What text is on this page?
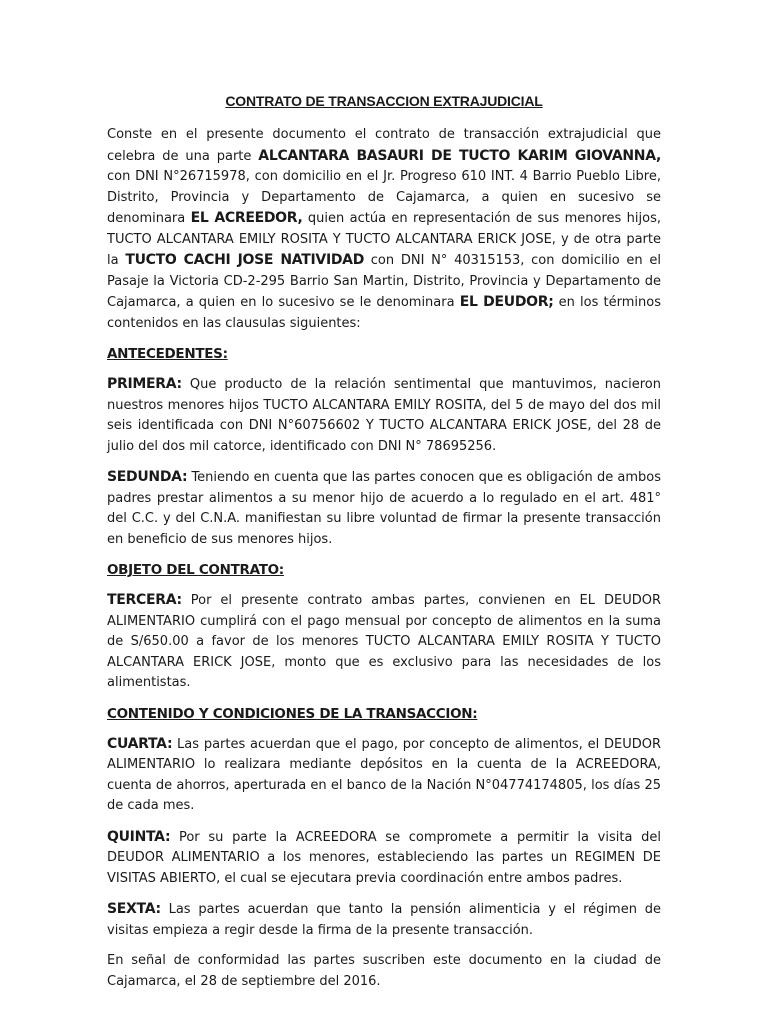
CONTRATO DE TRANSACCION EXTRAJUDICIAL

Conste en el presente documento el contrato de transacción extrajudicial que celebra de una parte ALCANTARA BASAURI DE TUCTO KARIM GIOVANNA, con DNI N°26715978, con domicilio en el Jr. Progreso 610 INT. 4 Barrio Pueblo Libre, Distrito, Provincia y Departamento de Cajamarca, a quien en sucesivo se denominara EL ACREEDOR, quien actúa en representación de sus menores hijos, TUCTO ALCANTARA EMILY ROSITA Y TUCTO ALCANTARA ERICK JOSE, y de otra parte la TUCTO CACHI JOSE NATIVIDAD con DNI N° 40315153, con domicilio en el Pasaje la Victoria CD-2-295 Barrio San Martin, Distrito, Provincia y Departamento de Cajamarca, a quien en lo sucesivo se le denominara EL DEUDOR; en los términos contenidos en las clausulas siguientes:

ANTECEDENTES:

PRIMERA: Que producto de la relación sentimental que mantuvimos, nacieron nuestros menores hijos TUCTO ALCANTARA EMILY ROSITA, del 5 de mayo del dos mil seis identificada con DNI N°60756602 Y TUCTO ALCANTARA ERICK JOSE, del 28 de julio del dos mil catorce, identificado con DNI N° 78695256.

SEDUNDA: Teniendo en cuenta que las partes conocen que es obligación de ambos padres prestar alimentos a su menor hijo de acuerdo a lo regulado en el art. 481° del C.C. y del C.N.A. manifiestan su libre voluntad de firmar la presente transacción en beneficio de sus menores hijos.

OBJETO DEL CONTRATO:

TERCERA: Por el presente contrato ambas partes, convienen en EL DEUDOR ALIMENTARIO cumplirá con el pago mensual por concepto de alimentos en la suma de S/650.00 a favor de los menores TUCTO ALCANTARA EMILY ROSITA Y TUCTO ALCANTARA ERICK JOSE, monto que es exclusivo para las necesidades de los alimentistas.

CONTENIDO Y CONDICIONES DE LA TRANSACCION:

CUARTA: Las partes acuerdan que el pago, por concepto de alimentos, el DEUDOR ALIMENTARIO lo realizara mediante depósitos en la cuenta de la ACREEDORA, cuenta de ahorros, aperturada en el banco de la Nación N°04774174805, los días 25 de cada mes.

QUINTA: Por su parte la ACREEDORA se compromete a permitir la visita del DEUDOR ALIMENTARIO a los menores, estableciendo las partes un REGIMEN DE VISITAS ABIERTO, el cual se ejecutara previa coordinación entre ambos padres.

SEXTA: Las partes acuerdan que tanto la pensión alimenticia y el régimen de visitas empieza a regir desde la firma de la presente transacción.

En señal de conformidad las partes suscriben este documento en la ciudad de Cajamarca, el 28 de septiembre del 2016.
